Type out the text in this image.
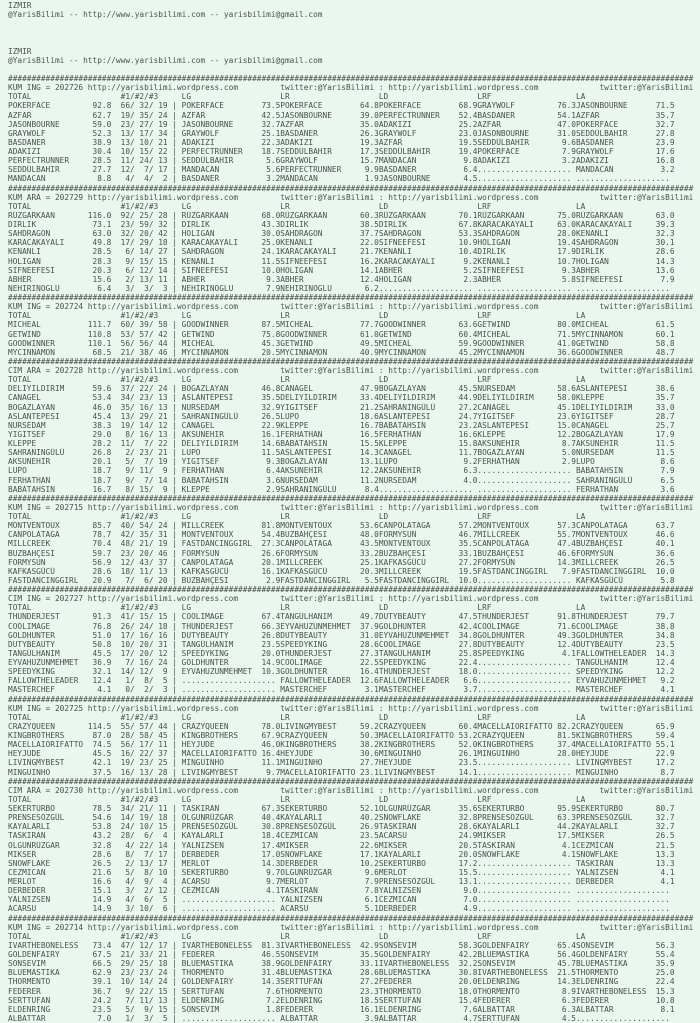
IZMIR
@YarisBilimi -- http://www.yarisbilimi.com -- yarisbilimi@gmail.com
IZMIR
@YarisBilimi -- http://www.yarisbilimi.com -- yarisbilimi@gmail.com
##################################################################################################################################################
KUM ING = 202726 http://yarisbilimi.wordpress.com         twitter:@YarisBilimi : http://yarisbilimi.wordpress.com             twitter:@YarisBilimi
TOTAL                   #1/#2/#3     LG                   LR                   LD                   LRF                  LA
POKERFACE         92.8  66/ 32/ 19 | POKERFACE        73.5POKERFACE        64.8POKERFACE        68.9GRAYWOLF         76.3JASONBOURNE      71.5
AZFAR             62.7  19/ 35/ 24 | AZFAR            42.5JASONBOURNE      39.0PERFECTRUNNER    52.4BASDANER         54.1AZFAR            35.7
JASONBOURNE       59.0  23/ 27/ 19 | JASONBOURNE      32.7AZFAR            35.0ADAKIZI          25.2AZFAR            47.0POKERFACE        32.7
GRAYWOLF          52.3  13/ 17/ 34 | GRAYWOLF         25.1BASDANER         26.3GRAYWOLF         23.0JASONBOURNE      31.0SEDDÜLBAHIR      27.8
BASDANER          38.9  13/ 10/ 21 | ADAKIZI          22.3ADAKIZI          19.3AZFAR            19.5SEDDÜLBAHIR       9.6BASDANER         23.9
ADAKIZI           30.4  10/ 15/ 22 | PERFECTRUNNER    18.7SEDDÜLBAHIR      17.3SEDDÜLBAHIR      19.4POKERFACE         7.9GRAYWOLF         17.6
PERFECTRUNNER     28.5  11/ 24/ 13 | SEDDÜLBAHIR       5.6GRAYWOLF         15.7MANDACAN          9.8ADAKIZI           3.2ADAKIZI          16.8
SEDDÜLBAHIR       27.7  12/  7/ 17 | MANDACAN          5.6PERFECTRUNNER     9.9BASDANER          6.4.................... MANDACAN          3.2
MANDACAN           8.8   4/  4/  2 | BASDANER          3.2MANDACAN          1.9JASONBOURNE       4.5.................... ....................
##################################################################################################################################################
KUM ARA = 202729 http://yarisbilimi.wordpress.com         twitter:@YarisBilimi : http://yarisbilimi.wordpress.com             twitter:@YarisBilimi
TOTAL                   #1/#2/#3     LG                   LR                   LD                   LRF                  LA
RÜZGARKAAN       116.0  92/ 25/ 28 | RÜZGARKAAN       68.0RÜZGARKAAN       60.3RÜZGARKAAN       70.1RÜZGARKAAN       75.0RÜZGARKAAN       63.0
DIRLIK            73.1  23/ 59/ 32 | DIRLIK           43.3DIRLIK           38.5DIRLIK           67.8KARACAKAYALI     63.0KARACAKAYALI     39.3
SAHDRAGON         63.0  32/ 20/ 42 | HOLIGAN          30.0SAHDRAGON        37.7SAHDRAGON        53.3SAHDRAGON        28.0KENANLI          32.3
KARACAKAYALI      49.8  17/ 29/ 18 | KARACAKAYALI     25.0KENANLI          22.0SIFNEEFESI       10.9HOLIGAN          19.4SAHDRAGON        30.1
KENANLI           28.5   6/ 14/ 27 | SAHDRAGON        24.1KARACAKAYALI     21.7KENANLI          10.4DIRLIK           17.9DIRLIK           28.6
HOLIGAN           28.3   9/ 15/ 15 | KENANLI          11.5SIFNEEFESI       16.2KARACAKAYALI      9.2KENANLI          10.7HOLIGAN          14.3
SIFNEEFESI        20.3   6/ 12/ 14 | SIFNEEFESI       10.0HOLIGAN          14.1ABHER             5.2SIFNEEFESI        9.3ABHER            13.6
ABHER             15.6   2/ 13/ 11 | ABHER             9.3ABHER            12.4HOLIGAN           2.3ABHER             5.8SIFNEEFESI        7.9
NEHIRINOGLU        6.4   3/  3/  3 | NEHIRINOGLU       7.9NEHIRINOGLU       6.2.................... .................... ....................
##################################################################################################################################################
KUM ING = 202724 http://yarisbilimi.wordpress.com         twitter:@YarisBilimi : http://yarisbilimi.wordpress.com             twitter:@YarisBilimi
TOTAL                   #1/#2/#3     LG                   LR                   LD                   LRF                  LA
MICHEAL          111.7  60/ 39/ 58 | GOODWINNER       87.5MICHEAL          77.7GOODWINNER       63.6GETWIND          80.0MICHEAL          61.5
GETWIND          110.8  53/ 57/ 42 | GETWIND          75.8GOODWINNER       61.0GETWIND          60.4MICHEAL          71.5MYCINNAMON       60.1
GOODWINNER       110.1  56/ 56/ 44 | MICHEAL          45.3GETWIND          49.5MICHEAL          59.9GOODWINNER       41.0GETWIND          58.8
MYCINNAMON        68.5  21/ 38/ 46 | MYCINNAMON       20.5MYCINNAMON       40.9MYCINNAMON       45.2MYCINNAMON       36.6GOODWINNER       48.7
##################################################################################################################################################
CIM ARA = 202728 http://yarisbilimi.wordpress.com         twitter:@YarisBilimi : http://yarisbilimi.wordpress.com             twitter:@YarisBilimi
TOTAL                   #1/#2/#3     LG                   LR                   LD                   LRF                  LA
DELIYILDIRIM      59.6  37/ 22/ 24 | BOGAZLAYAN       46.8CANAGEL          47.9BOGAZLAYAN       45.5NURSEDAM         58.6ASLANTEPESI      38.6
CANAGEL           53.4  34/ 23/ 13 | ASLANTEPESI      35.5DELIYILDIRIM     33.4DELIYILDIRIM     44.9DELIYILDIRIM     58.0KLEPPE           35.7
BOGAZLAYAN        46.0  35/ 16/ 13 | NURSEDAM         32.9YIGITSEF         21.2SAHRANINGÜLÜ     27.2CANAGEL          45.1DELIYILDIRIM     33.0
ASLANTEPESI       45.4  13/ 29/ 21 | SAHRANINGÜLÜ     26.5LUPO             18.6ASLANTEPESI      24.7YIGITSEF         23.6YIGITSEF         28.7
NURSEDAM          38.3  19/ 14/ 12 | CANAGEL          22.9KLEPPE           16.7BABATAHSIN       23.2ASLANTEPESI      15.0CANAGEL          25.7
YIGITSEF          29.0   8/ 16/ 13 | AKSUNEHIR        16.1FERHATHAN        16.5FERHATHAN        16.6KLEPPE           12.2BOGAZLAYAN       17.9
KLEPPE            28.2  11/  7/ 22 | DELIYILDIRIM     14.6BABATAHSIN       15.5KLEPPE           15.8AKSUNEHIR         8.7AKSUNEHIR        11.5
SAHRANINGÜLÜ      26.8   2/ 23/ 21 | LUPO             11.5ASLANTEPESI      14.3CANAGEL          11.7BOGAZLAYAN        5.0NURSEDAM         11.5
AKSUNEHIR         20.1   5/  7/ 19 | YIGITSEF          9.3BOGAZLAYAN       13.1LUPO              9.2FERHATHAN         2.9LUPO              8.6
LUPO              18.7   9/ 11/  9 | FERHATHAN         6.4AKSUNEHIR        12.2AKSUNEHIR         6.3.................... BABATAHSIN        7.9
FERHATHAN         18.7   9/  7/ 14 | BABATAHSIN        3.6NURSEDAM         11.2NURSEDAM          4.0.................... SAHRANINGÜLÜ      6.5
BABATAHSIN        16.7   8/ 15/  9 | KLEPPE            2.9SAHRANINGÜLÜ      8.4.................... .................... FERHATHAN         3.6
##################################################################################################################################################
KUM ING = 202715 http://yarisbilimi.wordpress.com         twitter:@YarisBilimi : http://yarisbilimi.wordpress.com             twitter:@YarisBilimi
TOTAL                   #1/#2/#3     LG                   LR                   LD                   LRF                  LA
MONTVENTOUX       85.7  40/ 54/ 24 | MILLCREEK        81.8MONTVENTOUX      53.6CANPOLATAGA      57.2MONTVENTOUX      57.3CANPOLATAGA      63.7
CANPOLATAGA       78.7  42/ 35/ 31 | MONTVENTOUX      54.4BUZBAHÇESI       48.0FORMYSUN         46.7MILLCREEK        55.7MONTVENTOUX      46.6
MILLCREEK         70.4  48/ 21/ 19 | FASTDANCINGGIRL  27.3CANPOLATAGA      43.5MONTVENTOUX      35.5CANPOLATAGA      47.4BUZBAHÇESI       40.1
BUZBAHÇESI        59.7  23/ 20/ 46 | FORMYSUN         26.6FORMYSUN         33.2BUZBAHÇESI       33.1BUZBAHÇESI       46.6FORMYSUN         36.6
FORMYSUN          56.9  12/ 43/ 37 | CANPOLATAGA      20.1MILLCREEK        25.1KAFKASGÜCÜ       27.2FORMYSUN         14.3MILLCREEK        26.5
KAFKASGÜCÜ        28.6  18/ 11/ 13 | KAFKASGÜCÜ       16.1KAFKASGÜCÜ       20.3MILLCREEK        19.5FASTDANCINGGIRL   7.9FASTDANCINGGIRL  10.0
FASTDANCINGGIRL   20.9   7/  6/ 20 | BUZBAHÇESI        2.9FASTDANCINGGIRL   5.5FASTDANCINGGIRL  10.0.................... KAFKASGÜCÜ        5.8
##################################################################################################################################################
CIM ING = 202727 http://yarisbilimi.wordpress.com         twitter:@YarisBilimi : http://yarisbilimi.wordpress.com             twitter:@YarisBilimi
TOTAL                   #1/#2/#3     LG                   LR                   LD                   LRF                  LA
THUNDERJEST       91.3  41/ 15/ 15 | COOLIMAGE        67.4TANGÜLHANIM      49.7DUTYBEAUTY       47.5THUNDERJEST      91.8THUNDERJEST      79.7
COOLIMAGE         76.8  26/ 24/ 18 | THUNDERJEST      66.3EYVAHUZUNMEHMET  37.9GOLDHUNTER       42.4COOLIMAGE        71.6COOLIMAGE        38.8
GOLDHUNTER        51.0  17/ 16/ 16 | DUTYBEAUTY       26.8DUTYBEAUTY       31.0EYVAHUZUNMEHMET  34.8GOLDHUNTER       49.3GOLDHUNTER       34.8
DUTYBEAUTY        50.8  10/ 20/ 31 | TANGÜLHANIM      23.5SPEEDYKING       28.6COOLIMAGE        27.8DUTYBEAUTY       12.4DUTYBEAUTY       23.5
TANGÜLHANIM       45.5  17/ 20/ 12 | SPEEDYKING       20.0THUNDERJEST      27.3TANGÜLHANIM      25.8SPEEDYKING        4.1FALLOWTHELEADER  14.3
EYVAHUZUNMEHMET   36.9   7/ 16/ 24 | GOLDHUNTER       14.9COOLIMAGE        22.5SPEEDYKING       22.4.................... TANGÜLHANIM      12.4
SPEEDYKING        32.1  14/ 12/  9 | EYVAHUZUNMEHMET  10.3GOLDHUNTER       16.4THUNDERJEST      18.0.................... SPEEDYKING       12.2
FALLOWTHELEADER   12.4   1/  8/  5 | .................... FALLOWTHELEADER  12.6FALLOWTHELEADER   6.6.................... EYVAHUZUNMEHMET   9.2
MASTERCHEF         4.1   0/  2/  3 | .................... MASTERCHEF        3.1MASTERCHEF        3.7.................... MASTERCHEF        4.1
##################################################################################################################################################
KUM ING = 202725 http://yarisbilimi.wordpress.com         twitter:@YarisBilimi : http://yarisbilimi.wordpress.com             twitter:@YarisBilimi
TOTAL                   #1/#2/#3     LG                   LR                   LD                   LRF                  LA
CRAZYQUEEN       114.5  55/ 57/ 44 | CRAZYQUEEN       78.0LIVINGMYBEST     59.2CRAZYQUEEN       60.4MACELLAIORIFATTO 82.2CRAZYQUEEN       65.9
KINGBROTHERS      87.0  28/ 58/ 45 | KINGBROTHERS     67.9CRAZYQUEEN       50.3MACELLAIORIFATTO 53.2CRAZYQUEEN       81.5KINGBROTHERS     59.4
MACELLAIORIFATTO  74.5  56/ 17/ 11 | HEYJUDE          46.0KINGBROTHERS     38.2KINGBROTHERS     52.0KINGBROTHERS     37.4MACELLAIORIFATTO 55.1
HEYJUDE           45.5  16/ 22/ 37 | MACELLAIORIFATTO 16.4HEYJUDE          30.6MINGUINHO        26.1MINGUINHO        28.0HEYJUDE          22.9
LIVINGMYBEST      42.1  19/ 23/ 25 | MINGUINHO        11.1MINGUINHO        27.7HEYJUDE          23.5.................... LIVINGMYBEST     17.2
MINGUINHO         37.5  16/ 13/ 28 | LIVINGMYBEST      9.7MACELLAIORIFATTO 23.1LIVINGMYBEST     14.1.................... MINGUINHO         8.7
##################################################################################################################################################
CIM ARA = 202730 http://yarisbilimi.wordpress.com         twitter:@YarisBilimi : http://yarisbilimi.wordpress.com             twitter:@YarisBilimi
TOTAL                   #1/#2/#3     LG                   LR                   LD                   LRF                  LA
SEKERTURBO        78.5  34/ 21/ 11 | TASKIRAN         67.3SEKERTURBO       52.1OLGUNRÜZGAR      35.6SEKERTURBO       95.9SEKERTURBO       80.7
PRENSESÖZGÜL      54.6  14/ 19/ 18 | OLGUNRÜZGAR      40.4KAYALARLI        40.2SNOWFLAKE        32.8PRENSESÖZGÜL     63.3PRENSESÖZGÜL     32.7
KAYALARLI         53.8  24/ 10/ 15 | PRENSESÖZGÜL     30.8PRENSESÖZGÜL     26.9TASKIRAN         28.6KAYALARLI        44.2KAYALARLI        32.7
TASKIRAN          43.2  28/  6/  4 | KAYALARLI        18.4CEZMICAN         23.5ACARSU           24.9MIKSER           17.5MIKSER           26.5
OLGUNRÜZGAR       32.8   4/ 22/ 14 | YALNIZSEN        17.4MIKSER           22.6MIKSER           20.5TASKIRAN          4.1CEZMICAN         21.5
MIKSER            28.6   8/  7/ 17 | DERBEDER         17.0SNOWFLAKE        17.1KAYALARLI        20.0SNOWFLAKE         4.1SNOWFLAKE        13.3
SNOWFLAKE         26.5   2/ 13/ 17 | MERLOT           14.3DERBEDER         10.2SEKERTURBO       17.2.................... TASKIRAN         13.3
CEZMICAN          21.6   5/  8/ 10 | SEKERTURBO        9.7OLGUNRÜZGAR       9.6MERLOT           15.5.................... YALNIZSEN         4.1
MERLOT            16.6   4/  9/  4 | ACARSU            9.7MERLOT            7.9PRENSESÖZGÜL     13.1.................... DERBEDER          4.1
DERBEDER          15.1   3/  2/ 12 | CEZMICAN          4.1TASKIRAN          7.8YALNIZSEN         9.0.................... ....................
YALNIZSEN         14.9   4/  6/  5 | .................... YALNIZSEN         6.1CEZMICAN          7.0.................... ....................
ACARSU            14.9   3/ 10/  6 | .................... ACARSU            5.1DERBEDER          4.9.................... ....................
##################################################################################################################################################
KUM ING = 202714 http://yarisbilimi.wordpress.com         twitter:@YarisBilimi : http://yarisbilimi.wordpress.com             twitter:@YarisBilimi
TOTAL                   #1/#2/#3     LG                   LR                   LD                   LRF                  LA
IVARTHEBONELESS   73.4  47/ 12/ 17 | IVARTHEBONELESS  81.3IVARTHEBONELESS  42.9SONSEVIM         58.3GOLDENFAIRY      65.4SONSEVIM         56.3
GOLDENFAIRY       67.5  21/ 33/ 21 | FEDERER          46.5SONSEVIM         35.5GOLDENFAIRY      42.2BLUEMASTIKA      56.4GOLDENFAIRY      55.4
SONSEVIM          66.5  29/ 25/ 18 | BLUEMASTIKA      38.9GOLDENFAIRY      33.1IVARTHEBONELESS  32.2SONSEVIM         45.7BLUEMASTIKA      35.9
BLUEMASTIKA       62.9  23/ 23/ 24 | THORMENTO        31.4BLUEMASTIKA      28.6BLUEMASTIKA      30.8IVARTHEBONELESS  21.5THORMENTO        25.0
THORMENTO         39.1  10/ 14/ 24 | GOLDENFAIRY      14.3SERTTUFAN        27.2FEDERER          20.0ELDENRING        14.3ELDENRING        22.4
FEDERER           36.7   9/ 22/ 15 | SERTTUFAN         7.6THORMENTO        23.3THORMENTO        18.0THORMENTO         8.9IVARTHEBONELESS  15.3
SERTTUFAN         24.2   7/ 11/ 13 | ELDENRING         7.2ELDENRING        18.5SERTTUFAN        15.4FEDERER           6.3FEDERER          10.8
ELDENRING         23.5   5/  9/ 15 | SONSEVIM          1.8FEDERER          16.1ELDENRING         7.6ALBATTAR          6.3ALBATTAR          8.1
ALBATTAR           7.0   1/  3/  5 | .................... ALBATTAR          3.9ALBATTAR          4.7SERTTUFAN         4.5....................
